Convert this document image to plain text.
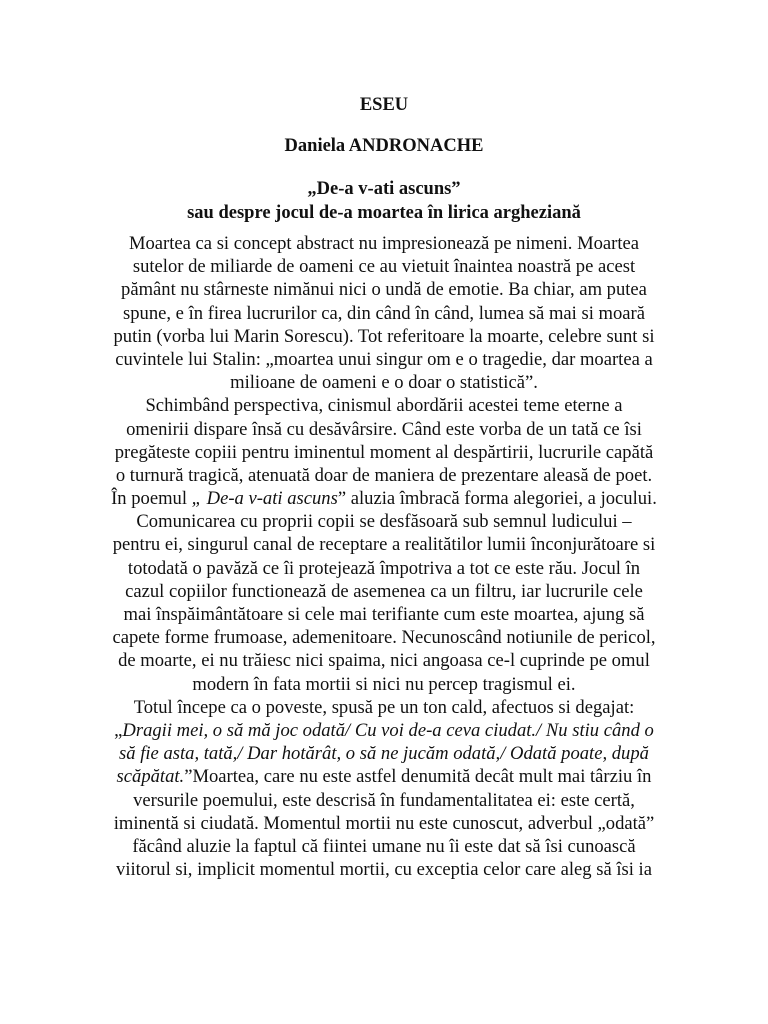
ESEU
Daniela ANDRONACHE
„De-a v-ati ascuns”
sau despre jocul de-a moartea în lirica argheziană
Moartea ca si concept abstract nu impresionează pe nimeni. Moartea
sutelor de miliarde de oameni ce au vietuit înaintea noastră pe acest
pământ nu stârneste nimănui nici o undă de emotie. Ba chiar, am putea
spune, e în firea lucrurilor ca, din când în când, lumea să mai si moară
putin (vorba lui Marin Sorescu). Tot referitoare la moarte, celebre sunt si
cuvintele lui Stalin: „moartea unui singur om e o tragedie, dar moartea a
milioane de oameni e o doar o statistică”.
Schimbând perspectiva, cinismul abordării acestei teme eterne a
omenirii dispare însă cu desăvârsire. Când este vorba de un tată ce îsi
pregăteste copiii pentru iminentul moment al despărtirii, lucrurile capătă
o turnură tragică, atenuată doar de maniera de prezentare aleasă de poet.
În poemul „ De-a v-ati ascuns” aluzia îmbracă forma alegoriei, a jocului.
Comunicarea cu proprii copii se desfăsoară sub semnul ludicului –
pentru ei, singurul canal de receptare a realitătilor lumii înconjurătoare si
totodată o pavăză ce îi protejează împotriva a tot ce este rău. Jocul în
cazul copiilor functionează de asemenea ca un filtru, iar lucrurile cele
mai înspăimântătoare si cele mai terifiante cum este moartea, ajung să
capete forme frumoase, ademenitoare. Necunoscând notiunile de pericol,
de moarte, ei nu trăiesc nici spaima, nici angoasa ce-l cuprinde pe omul
modern în fata mortii si nici nu percep tragismul ei.
Totul începe ca o poveste, spusă pe un ton cald, afectuos si degajat:
„Dragii mei, o să mă joc odată/ Cu voi de-a ceva ciudat./ Nu stiu când o
să fie asta, tată,/ Dar hotărât, o să ne jucăm odată,/ Odată poate, după
scăpătat.”Moartea, care nu este astfel denumită decât mult mai târziu în
versurile poemului, este descrisă în fundamentalitatea ei: este certă,
iminentă si ciudată. Momentul mortii nu este cunoscut, adverbul „odată”
făcând aluzie la faptul că fiintei umane nu îi este dat să îsi cunoască
viitorul si, implicit momentul mortii, cu exceptia celor care aleg să îsi ia
